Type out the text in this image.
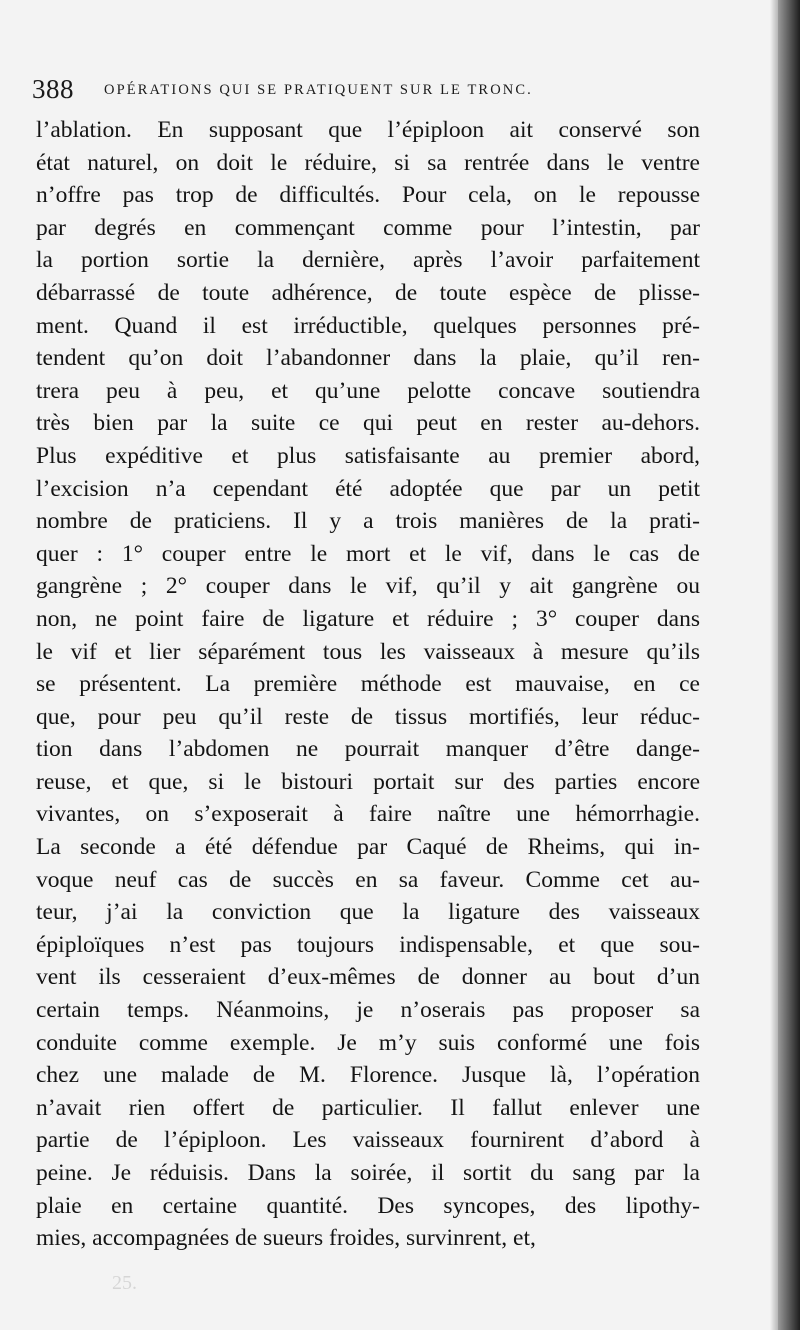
388 OPÉRATIONS QUI SE PRATIQUENT SUR LE TRONC.
l’ablation. En supposant que l’épiploon ait conservé son
état naturel, on doit le réduire, si sa rentrée dans le ventre
n’offre pas trop de difficultés. Pour cela, on le repousse
par degrés en commençant comme pour l’intestin, par
la portion sortie la dernière, après l’avoir parfaitement
débarrassé de toute adhérence, de toute espèce de plisse-
ment. Quand il est irréductible, quelques personnes pré-
tendent qu’on doit l’abandonner dans la plaie, qu’il ren-
trera peu à peu, et qu’une pelotte concave soutiendra
très bien par la suite ce qui peut en rester au-dehors.
Plus expéditive et plus satisfaisante au premier abord,
l’excision n’a cependant été adoptée que par un petit
nombre de praticiens. Il y a trois manières de la prati-
quer : 1° couper entre le mort et le vif, dans le cas de
gangrène ; 2° couper dans le vif, qu’il y ait gangrène ou
non, ne point faire de ligature et réduire ; 3° couper dans
le vif et lier séparément tous les vaisseaux à mesure qu’ils
se présentent. La première méthode est mauvaise, en ce
que, pour peu qu’il reste de tissus mortifiés, leur réduc-
tion dans l’abdomen ne pourrait manquer d’être dange-
reuse, et que, si le bistouri portait sur des parties encore
vivantes, on s’exposerait à faire naître une hémorrhagie.
La seconde a été défendue par Caqué de Rheims, qui in-
voque neuf cas de succès en sa faveur. Comme cet au-
teur, j’ai la conviction que la ligature des vaisseaux
épiploïques n’est pas toujours indispensable, et que sou-
vent ils cesseraient d’eux-mêmes de donner au bout d’un
certain temps. Néanmoins, je n’oserais pas proposer sa
conduite comme exemple. Je m’y suis conformé une fois
chez une malade de M. Florence. Jusque là, l’opération
n’avait rien offert de particulier. Il fallut enlever une
partie de l’épiploon. Les vaisseaux fournirent d’abord à
peine. Je réduisis. Dans la soirée, il sortit du sang par la
plaie en certaine quantité. Des syncopes, des lipothy-
mies, accompagnées de sueurs froides, survinrent, et,
25.
